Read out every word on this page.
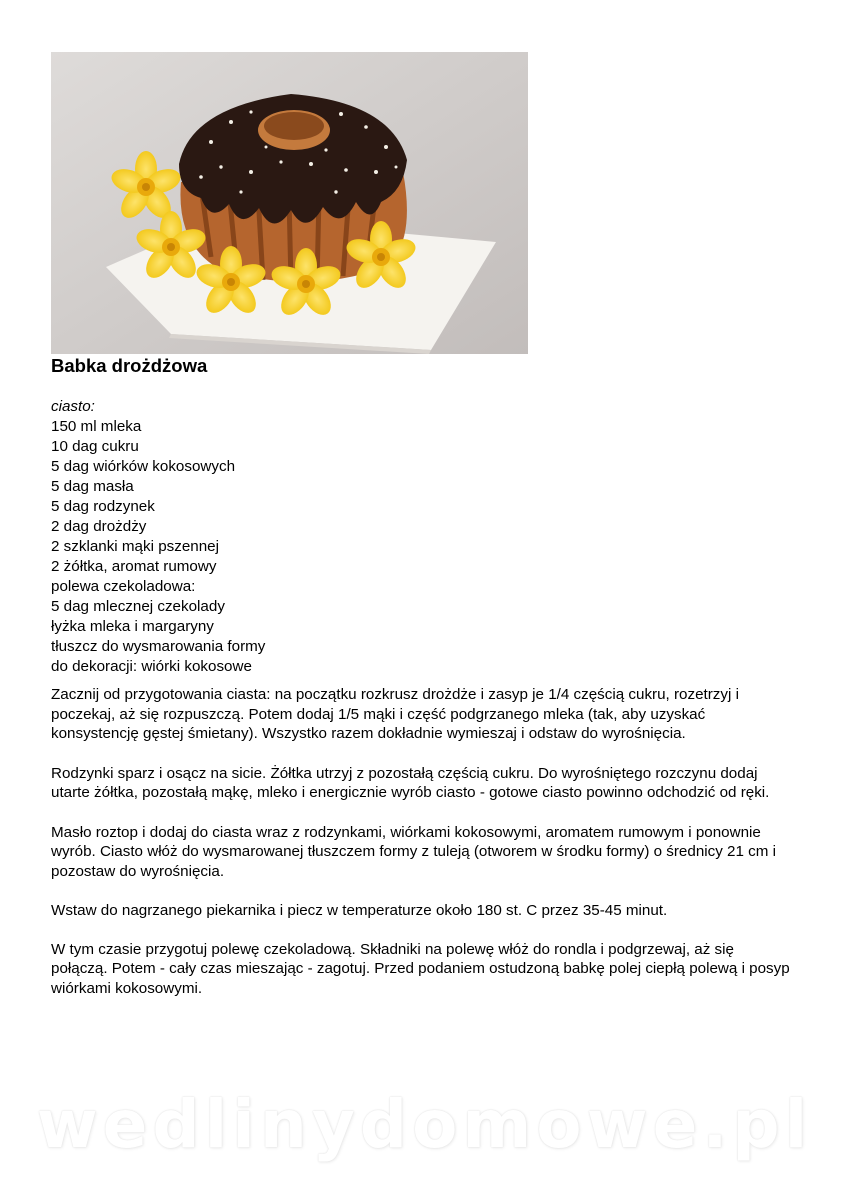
Babka drożdżowa
ciasto:
150 ml mleka
10 dag cukru
5 dag wiórków kokosowych
5 dag masła
5 dag rodzynek
2 dag drożdży
2 szklanki mąki pszennej
2 żółtka, aromat rumowy
polewa czekoladowa:
5 dag mlecznej czekolady
łyżka mleka i margaryny
tłuszcz do wysmarowania formy
do dekoracji: wiórki kokosowe

Zacznij od przygotowania ciasta: na początku rozkrusz drożdże i zasyp je 1/4 częścią cukru, rozetrzyj i poczekaj, aż się rozpuszczą. Potem dodaj 1/5 mąki i część podgrzanego mleka (tak, aby uzyskać konsystencję gęstej śmietany). Wszystko razem dokładnie wymieszaj i odstaw do wyrośnięcia.

Rodzynki sparz i osącz na sicie. Żółtka utrzyj z pozostałą częścią cukru. Do wyrośniętego rozczynu dodaj utarte żółtka, pozostałą mąkę, mleko i energicznie wyrób ciasto - gotowe ciasto powinno odchodzić od ręki.

Masło roztop i dodaj do ciasta wraz z rodzynkami, wiórkami kokosowymi, aromatem rumowym i ponownie wyrób. Ciasto włóż do wysmarowanej tłuszczem formy z tuleją (otworem w środku formy) o średnicy 21 cm i pozostaw do wyrośnięcia.

Wstaw do nagrzanego piekarnika i piecz w temperaturze około 180 st. C przez 35-45 minut.

W tym czasie przygotuj polewę czekoladową. Składniki na polewę włóż do rondla i podgrzewaj, aż się połączą. Potem - cały czas mieszając - zagotuj. Przed podaniem ostudzoną babkę polej ciepłą polewą i posyp wiórkami kokosowymi.

wedlinydomowe.pl
